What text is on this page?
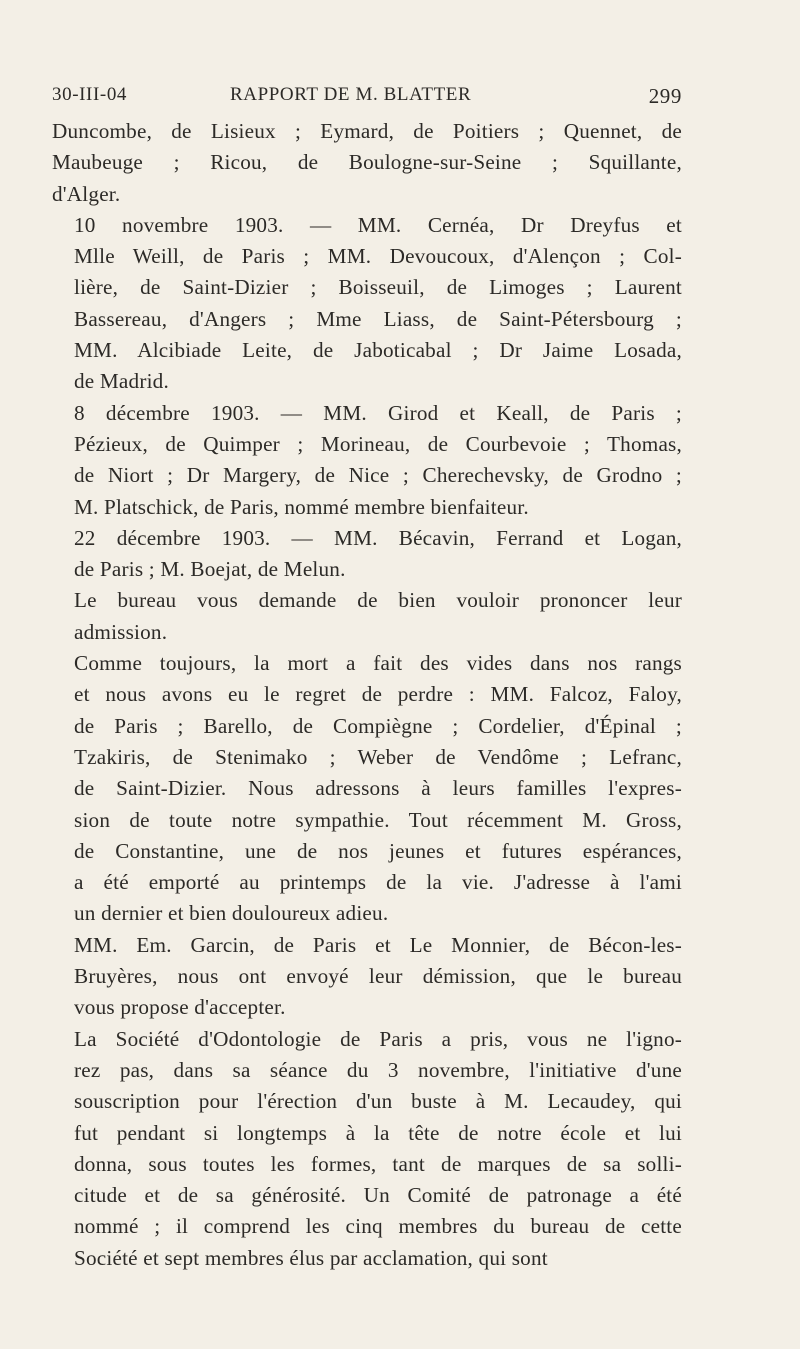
30-III-04	RAPPORT DE M. BLATTER	299

Duncombe, de Lisieux ; Eymard, de Poitiers ; Quennet, de
Maubeuge ; Ricou, de Boulogne-sur-Seine ; Squillante,
d'Alger.

10 novembre 1903. — MM. Cernéa, Dr Dreyfus et
Mlle Weill, de Paris ; MM. Devoucoux, d'Alençon ; Col-
lière, de Saint-Dizier ; Boisseuil, de Limoges ; Laurent
Bassereau, d'Angers ; Mme Liass, de Saint-Pétersbourg ;
MM. Alcibiade Leite, de Jaboticabal ; Dr Jaime Losada,
de Madrid.

8 décembre 1903. — MM. Girod et Keall, de Paris ;
Pézieux, de Quimper ; Morineau, de Courbevoie ; Thomas,
de Niort ; Dr Margery, de Nice ; Cherechevsky, de Grodno ;
M. Platschick, de Paris, nommé membre bienfaiteur.

22 décembre 1903. — MM. Bécavin, Ferrand et Logan,
de Paris ; M. Boejat, de Melun.

Le bureau vous demande de bien vouloir prononcer leur
admission.

Comme toujours, la mort a fait des vides dans nos rangs
et nous avons eu le regret de perdre : MM. Falcoz, Faloy,
de Paris ; Barello, de Compiègne ; Cordelier, d'Épinal ;
Tzakiris, de Stenimako ; Weber de Vendôme ; Lefranc,
de Saint-Dizier. Nous adressons à leurs familles l'expres-
sion de toute notre sympathie. Tout récemment M. Gross,
de Constantine, une de nos jeunes et futures espérances,
a été emporté au printemps de la vie. J'adresse à l'ami
un dernier et bien douloureux adieu.

MM. Em. Garcin, de Paris et Le Monnier, de Bécon-les-
Bruyères, nous ont envoyé leur démission, que le bureau
vous propose d'accepter.

La Société d'Odontologie de Paris a pris, vous ne l'igno-
rez pas, dans sa séance du 3 novembre, l'initiative d'une
souscription pour l'érection d'un buste à M. Lecaudey, qui
fut pendant si longtemps à la tête de notre école et lui
donna, sous toutes les formes, tant de marques de sa solli-
citude et de sa générosité. Un Comité de patronage a été
nommé ; il comprend les cinq membres du bureau de cette
Société et sept membres élus par acclamation, qui sont
